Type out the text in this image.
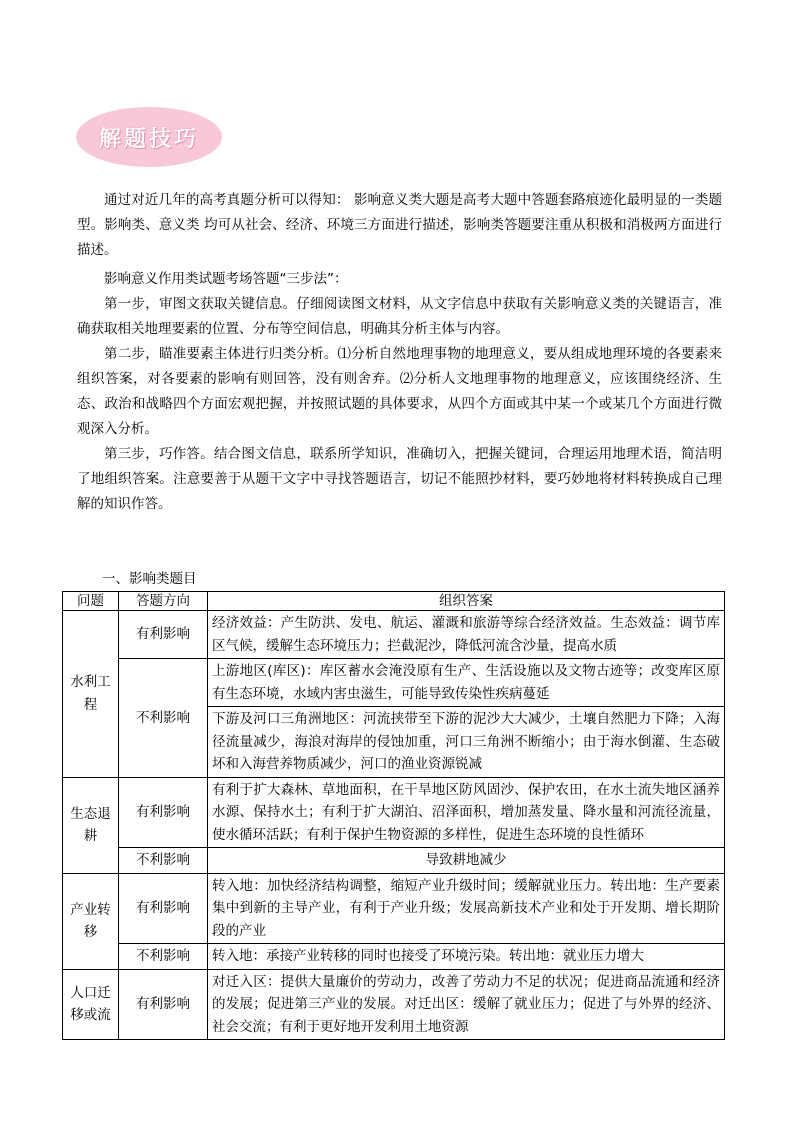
解题技巧

通过对近几年的高考真题分析可以得知： 影响意义类大题是高考大题中答题套路痕迹化最明显的一类题型。影响类、意义类 均可从社会、经济、环境三方面进行描述，影响类答题要注重从积极和消极两方面进行描述。

影响意义作用类试题考场答题“三步法”：

第一步，审图文获取关键信息。仔细阅读图文材料，从文字信息中获取有关影响意义类的关键语言，准确获取相关地理要素的位置、分布等空间信息，明确其分析主体与内容。

第二步，瞄准要素主体进行归类分析。⑴分析自然地理事物的地理意义，要从组成地理环境的各要素来组织答案，对各要素的影响有则回答，没有则舍弃。⑵分析人文地理事物的地理意义，应该围绕经济、生态、政治和战略四个方面宏观把握，并按照试题的具体要求，从四个方面或其中某一个或某几个方面进行微观深入分析。

第三步，巧作答。结合图文信息，联系所学知识，准确切入，把握关键词，合理运用地理术语，简洁明了地组织答案。注意要善于从题干文字中寻找答题语言，切记不能照抄材料，要巧妙地将材料转换成自己理解的知识作答。

一、影响类题目
问题	答题方向	组织答案
水利工程	有利影响	经济效益：产生防洪、发电、航运、灌溉和旅游等综合经济效益。生态效益：调节库区气候，缓解生态环境压力；拦截泥沙，降低河流含沙量，提高水质
	不利影响	上游地区(库区)：库区蓄水会淹没原有生产、生活设施以及文物古迹等；改变库区原有生态环境，水域内害虫滋生，可能导致传染性疾病蔓延
		下游及河口三角洲地区：河流挟带至下游的泥沙大大减少，土壤自然肥力下降；入海径流量减少，海浪对海岸的侵蚀加重，河口三角洲不断缩小；由于海水倒灌、生态破坏和入海营养物质减少，河口的渔业资源锐减

生态退耕	有利影响	有利于扩大森林、草地面积，在干旱地区防风固沙、保护农田，在水土流失地区涵养水源、保持水土；有利于扩大湖泊、沼泽面积，增加蒸发量、降水量和河流径流量，使水循环活跃；有利于保护生物资源的多样性，促进生态环境的良性循环
	不利影响	导致耕地减少
产业转移	有利影响	转入地：加快经济结构调整，缩短产业升级时间；缓解就业压力。转出地：生产要素集中到新的主导产业，有利于产业升级；发展高新技术产业和处于开发期、增长期阶段的产业
	不利影响	转入地：承接产业转移的同时也接受了环境污染。转出地：就业压力增大
人口迁移或流	有利影响	对迁入区：提供大量廉价的劳动力，改善了劳动力不足的状况；促进商品流通和经济的发展；促进第三产业的发展。对迁出区：缓解了就业压力；促进了与外界的经济、社会交流；有利于更好地开发利用土地资源
